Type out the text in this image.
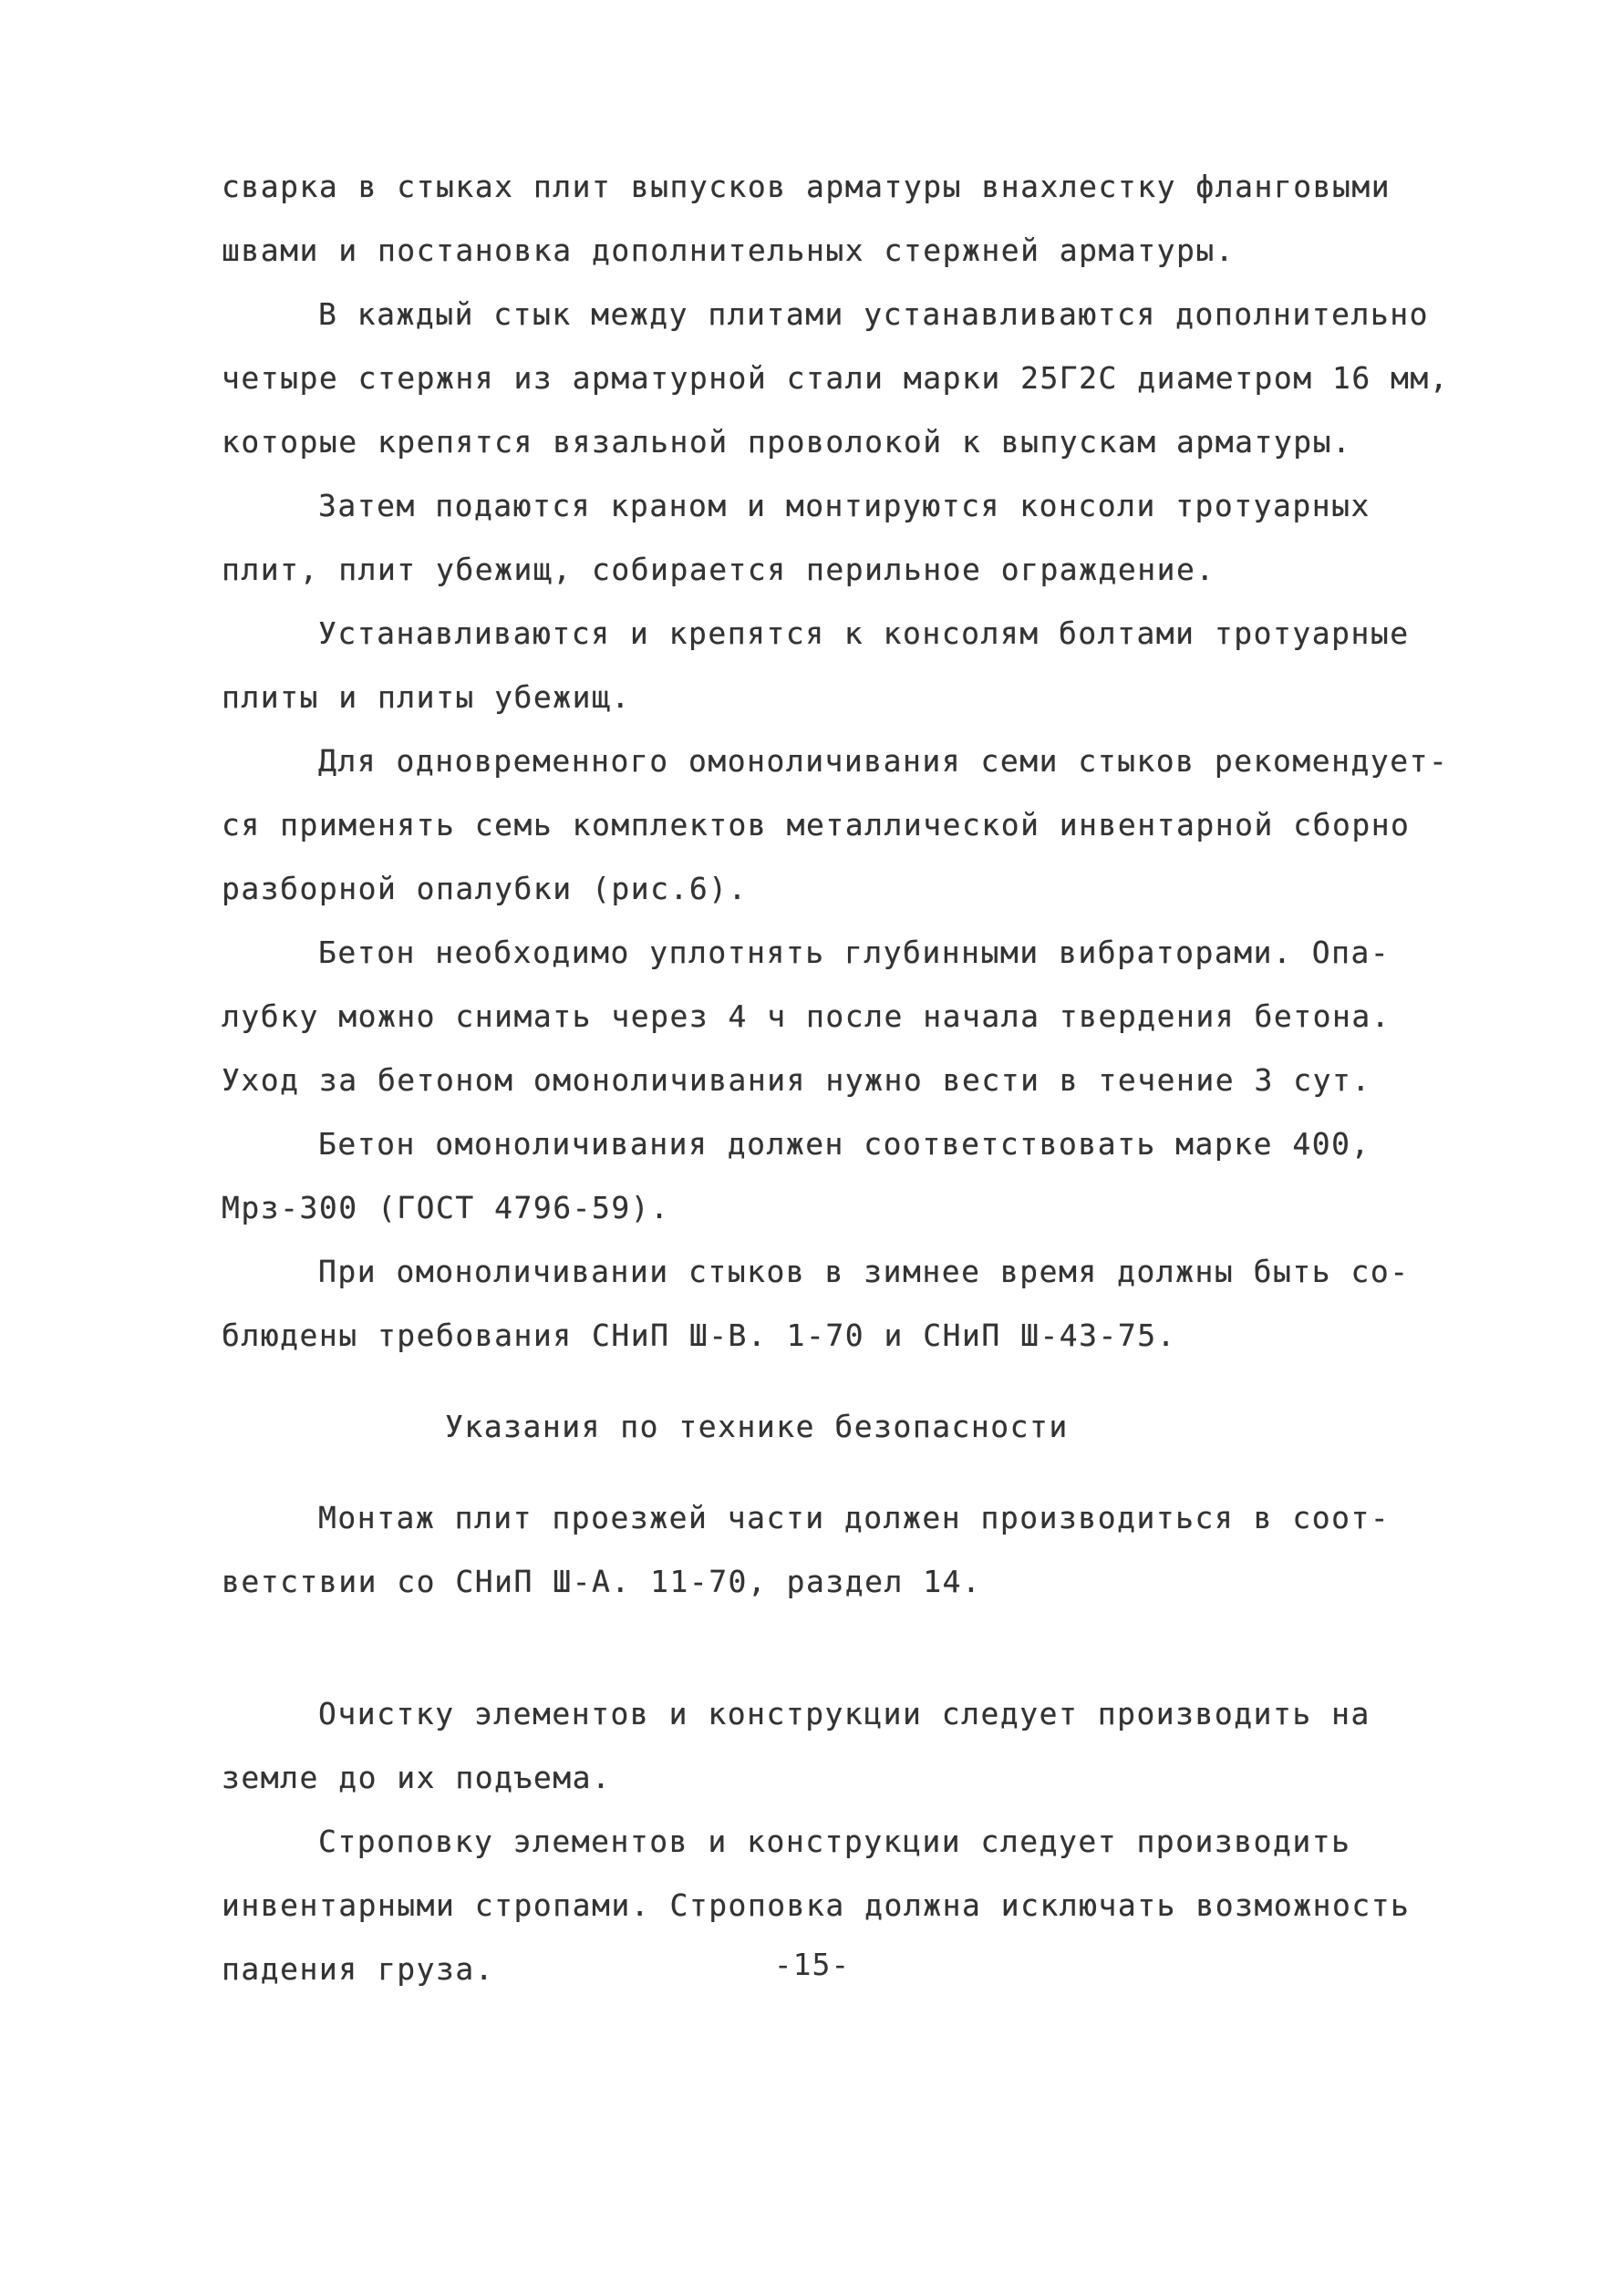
сварка в стыках плит выпусков арматуры внахлестку фланговыми
швами и постановка дополнительных стержней арматуры.
В каждый стык между плитами устанавливаются дополнительно
четыре стержня из арматурной стали марки 25Г2С диаметром 16 мм,
которые крепятся вязальной проволокой к выпускам арматуры.
Затем подаются краном и монтируются консоли тротуарных
плит, плит убежищ, собирается перильное ограждение.
Устанавливаются и крепятся к консолям болтами тротуарные
плиты и плиты убежищ.
Для одновременного омоноличивания семи стыков рекомендует-
ся применять семь комплектов металлической инвентарной сборно
разборной опалубки (рис.6).
Бетон необходимо уплотнять глубинными вибраторами. Опа-
лубку можно снимать через 4 ч после начала твердения бетона.
Уход за бетоном омоноличивания нужно вести в течение 3 сут.
Бетон омоноличивания должен соответствовать марке 400,
Мрз-300 (ГОСТ 4796-59).
При омоноличивании стыков в зимнее время должны быть со-
блюдены требования СНиП Ш-В. 1-70 и СНиП Ш-43-75.
Указания по технике безопасности
Монтаж плит проезжей части должен производиться в соот-
ветствии со СНиП Ш-А. 11-70, раздел 14.
Очистку элементов и конструкции следует производить на
земле до их подъема.
Строповку элементов и конструкции следует производить
инвентарными стропами. Строповка должна исключать возможность
падения груза.	-15-
